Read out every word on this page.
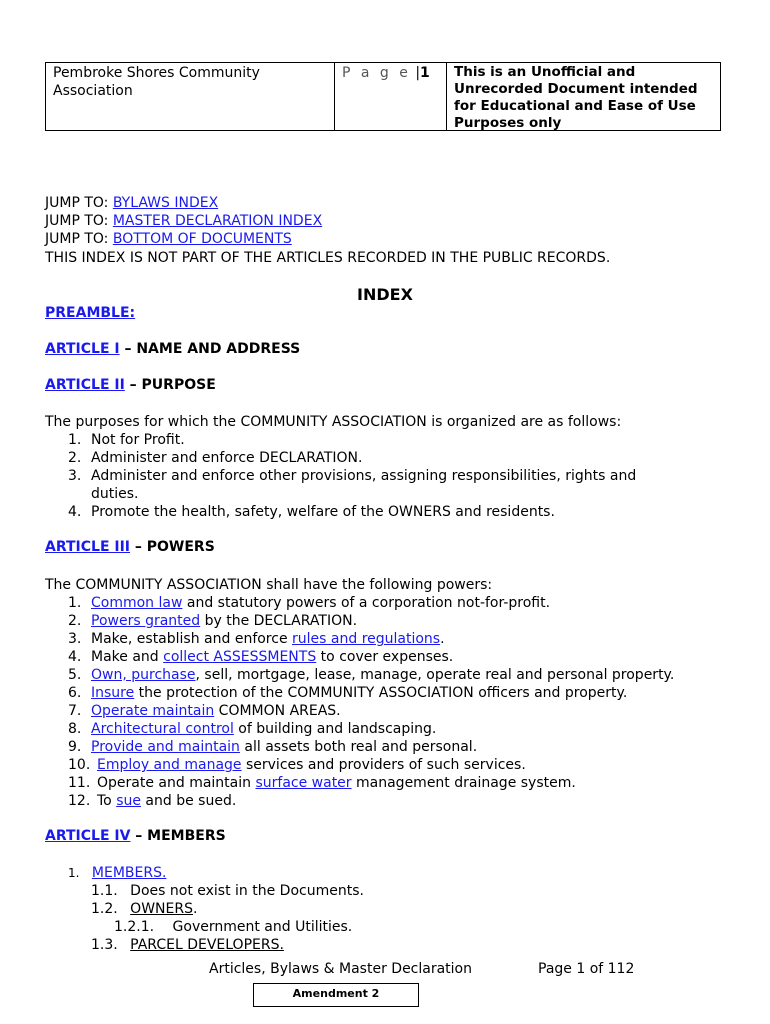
Pembroke Shores Community Association
P a g e |1	This is an Unofficial and Unrecorded Document intended for Educational and Ease of Use Purposes only
JUMP TO: BYLAWS INDEX
JUMP TO: MASTER DECLARATION INDEX
JUMP TO: BOTTOM OF DOCUMENTS
THIS INDEX IS NOT PART OF THE ARTICLES RECORDED IN THE PUBLIC RECORDS.
INDEX
PREAMBLE:
ARTICLE I – NAME AND ADDRESS
ARTICLE II – PURPOSE
The purposes for which the COMMUNITY ASSOCIATION is organized are as follows:
1. Not for Profit.
2. Administer and enforce DECLARATION.
3. Administer and enforce other provisions, assigning responsibilities, rights and duties.
4. Promote the health, safety, welfare of the OWNERS and residents.
ARTICLE III – POWERS
The COMMUNITY ASSOCIATION shall have the following powers:
1. Common law and statutory powers of a corporation not-for-profit.
2. Powers granted by the DECLARATION.
3. Make, establish and enforce rules and regulations.
4. Make and collect ASSESSMENTS to cover expenses.
5. Own, purchase, sell, mortgage, lease, manage, operate real and personal property.
6. Insure the protection of the COMMUNITY ASSOCIATION officers and property.
7. Operate maintain COMMON AREAS.
8. Architectural control of building and landscaping.
9. Provide and maintain all assets both real and personal.
10. Employ and manage services and providers of such services.
11. Operate and maintain surface water management drainage system.
12. To sue and be sued.
ARTICLE IV – MEMBERS
1. MEMBERS.
1.1. Does not exist in the Documents.
1.2. OWNERS.
1.2.1. Government and Utilities.
1.3. PARCEL DEVELOPERS.
Articles, Bylaws & Master Declaration	Page 1 of 112
Amendment 2
